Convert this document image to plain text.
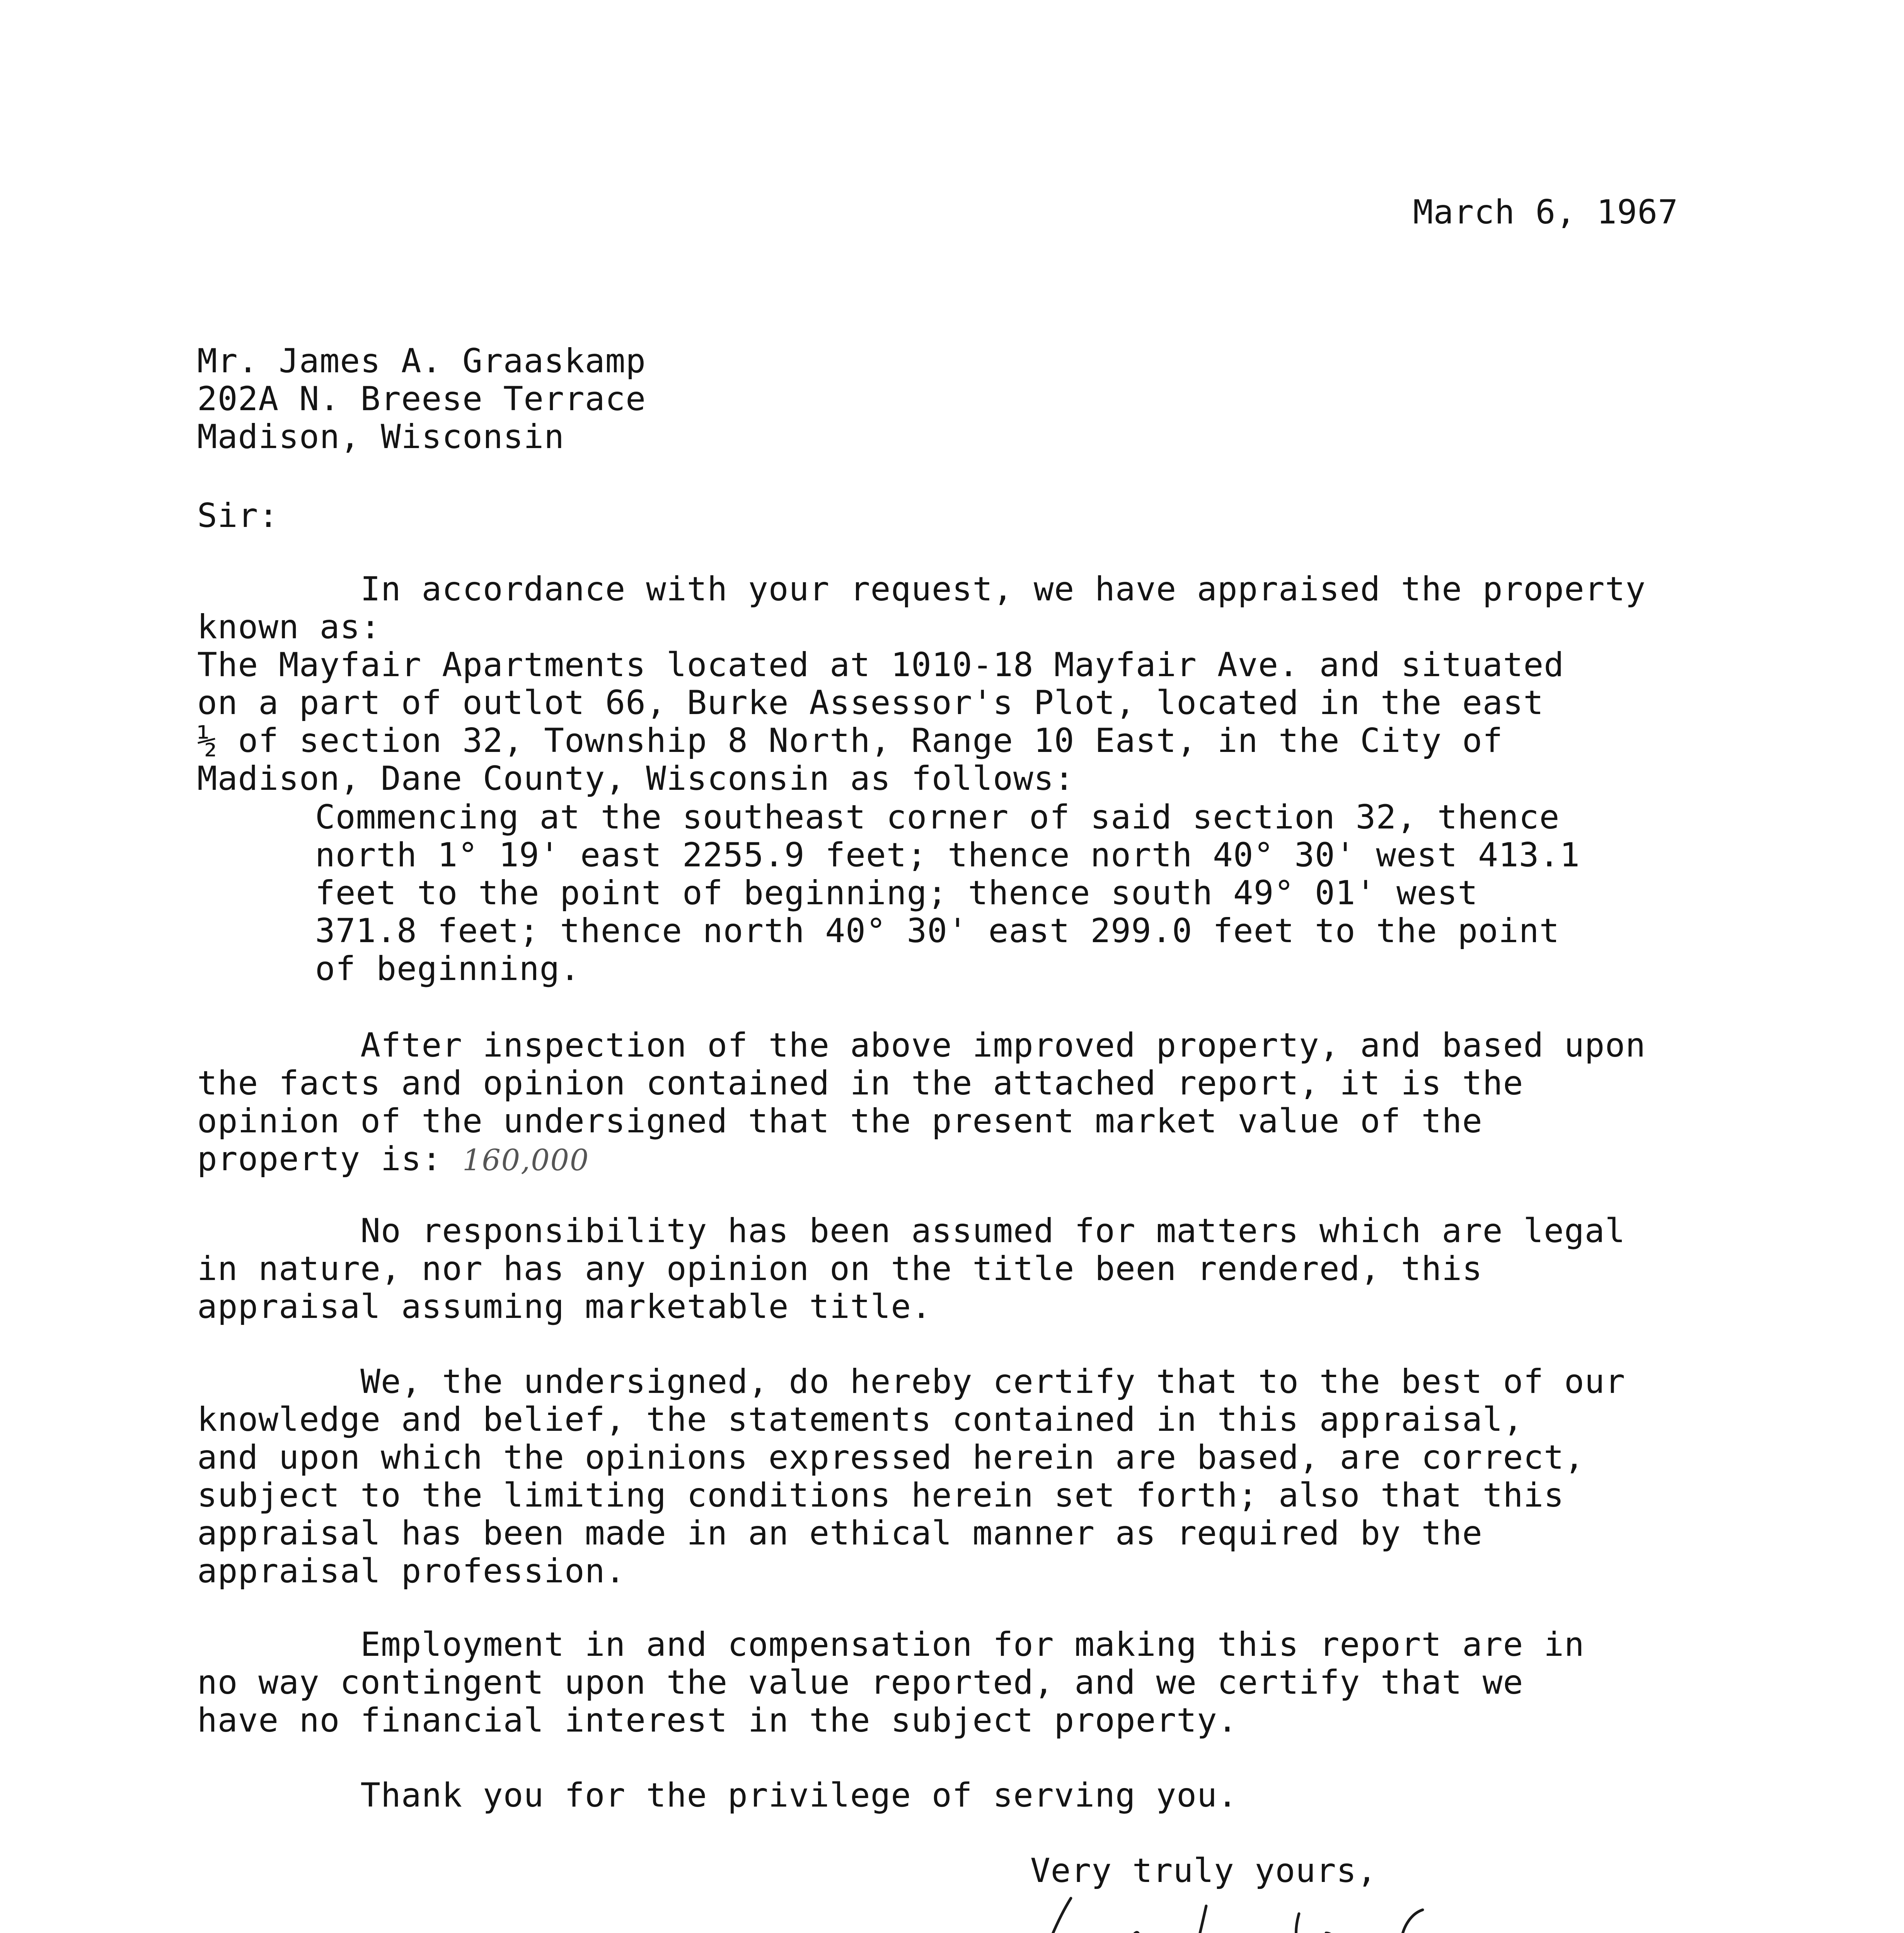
March 6, 1967
Mr. James A. Graaskamp
202A N. Breese Terrace
Madison, Wisconsin
Sir:
In accordance with your request, we have appraised the property
known as:
The Mayfair Apartments located at 1010-18 Mayfair Ave. and situated
on a part of outlot 66, Burke Assessor's Plot, located in the east
½ of section 32, Township 8 North, Range 10 East, in the City of
Madison, Dane County, Wisconsin as follows:
Commencing at the southeast corner of said section 32, thence
north 1° 19' east 2255.9 feet; thence north 40° 30' west 413.1
feet to the point of beginning; thence south 49° 01' west
371.8 feet; thence north 40° 30' east 299.0 feet to the point
of beginning.
After inspection of the above improved property, and based upon
the facts and opinion contained in the attached report, it is the
opinion of the undersigned that the present market value of the
property is: 160,000
No responsibility has been assumed for matters which are legal
in nature, nor has any opinion on the title been rendered, this
appraisal assuming marketable title.
We, the undersigned, do hereby certify that to the best of our
knowledge and belief, the statements contained in this appraisal,
and upon which the opinions expressed herein are based, are correct,
subject to the limiting conditions herein set forth; also that this
appraisal has been made in an ethical manner as required by the
appraisal profession.
Employment in and compensation for making this report are in
no way contingent upon the value reported, and we certify that we
have no financial interest in the subject property.
Thank you for the privilege of serving you.
Very truly yours,
